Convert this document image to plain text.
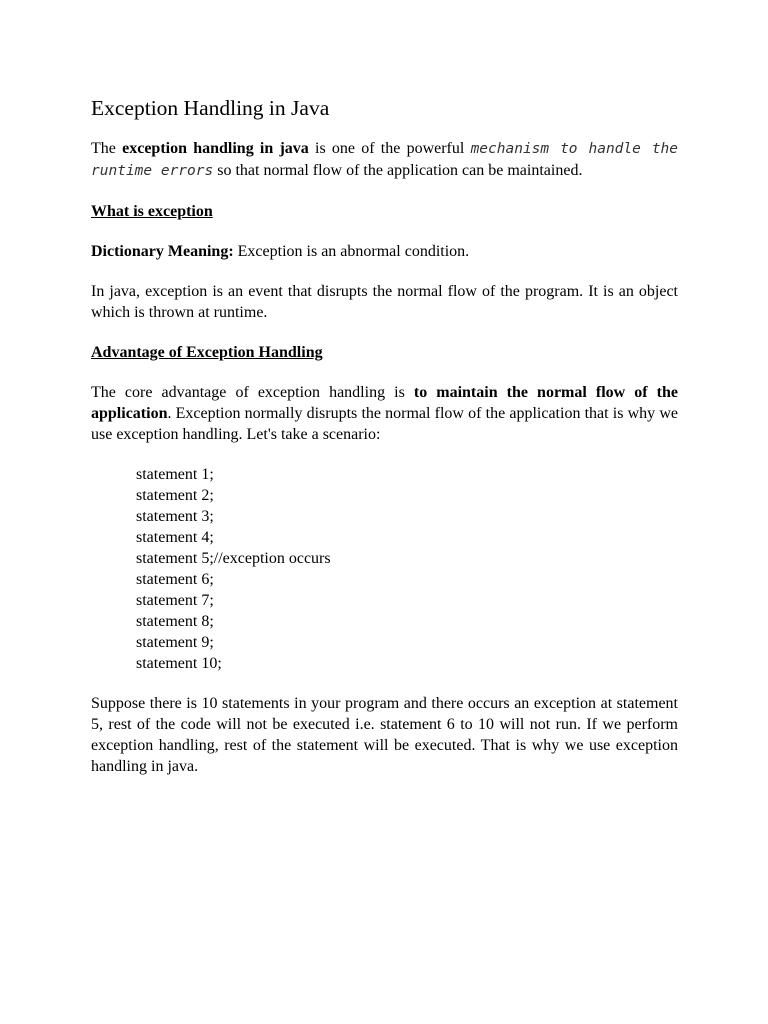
Exception Handling in Java

The exception handling in java is one of the powerful mechanism to handle the runtime errors so that normal flow of the application can be maintained.

What is exception

Dictionary Meaning: Exception is an abnormal condition.

In java, exception is an event that disrupts the normal flow of the program. It is an object which is thrown at runtime.

Advantage of Exception Handling

The core advantage of exception handling is to maintain the normal flow of the application. Exception normally disrupts the normal flow of the application that is why we use exception handling. Let's take a scenario:

statement 1;
statement 2;
statement 3;
statement 4;
statement 5;//exception occurs
statement 6;
statement 7;
statement 8;
statement 9;
statement 10;

Suppose there is 10 statements in your program and there occurs an exception at statement 5, rest of the code will not be executed i.e. statement 6 to 10 will not run. If we perform exception handling, rest of the statement will be executed. That is why we use exception handling in java.
